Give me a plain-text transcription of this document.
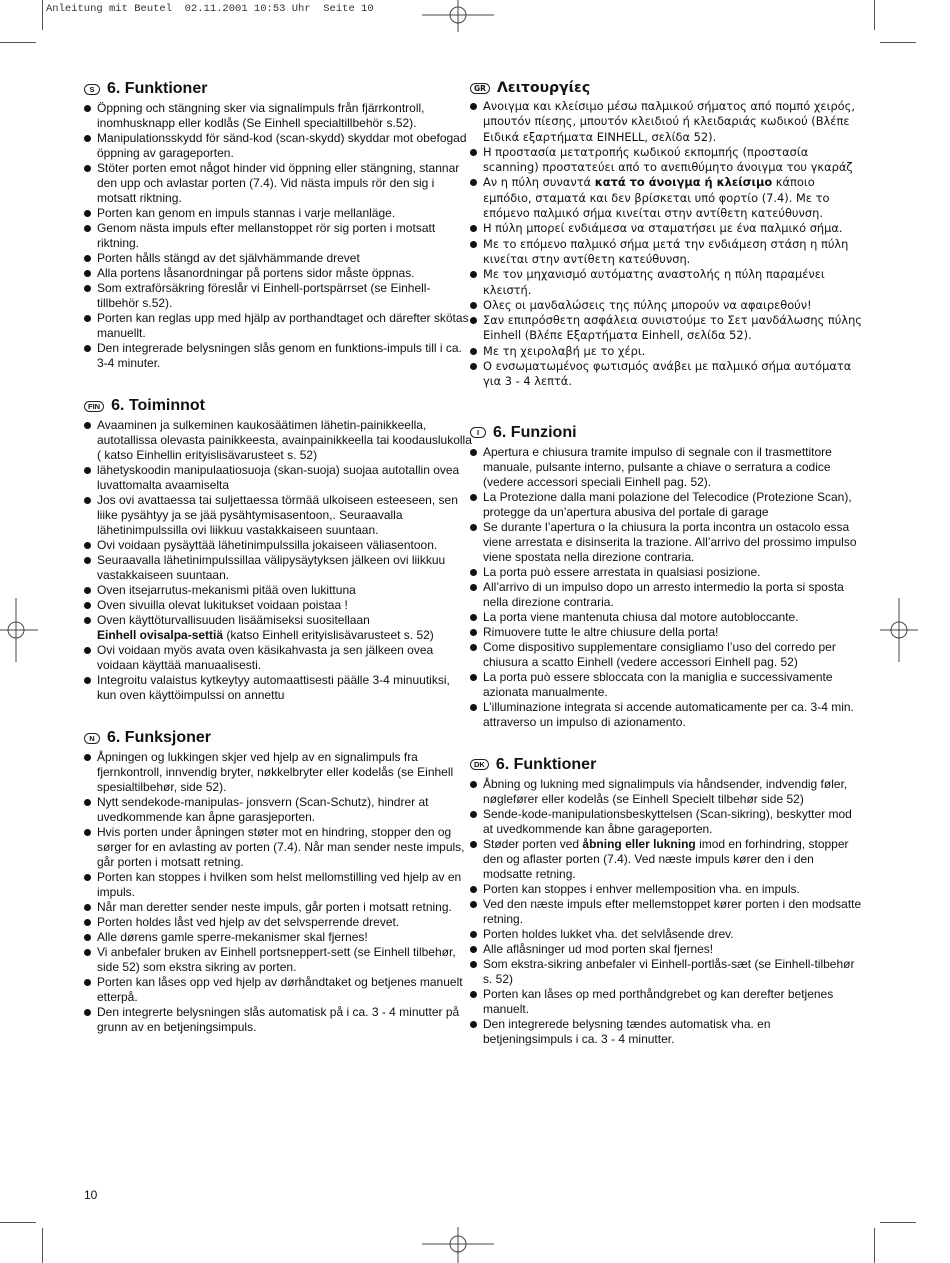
Anleitung mit Beutel  02.11.2001 10:53 Uhr  Seite 10
S 6. Funktioner
Öppning och stängning sker via signalimpuls från fjärrkontroll, inomhusknapp eller kodlås (Se Einhell specialtillbehör s.52).
Manipulationsskydd för sänd-kod (scan-skydd) skyddar mot obefogad öppning av garageporten.
Stöter porten emot något hinder vid öppning eller stängning, stannar den upp och avlastar porten (7.4). Vid nästa impuls rör den sig i motsatt riktning.
Porten kan genom en impuls stannas i varje mellanläge.
Genom nästa impuls efter mellanstoppet rör sig porten i motsatt riktning.
Porten hålls stängd av det självhämmande drevet
Alla portens låsanordningar på portens sidor måste öppnas.
Som extraförsäkring föreslår vi Einhell-portspärrset (se Einhell-tillbehör s.52).
Porten kan reglas upp med hjälp av porthandtaget och därefter skötas manuellt.
Den integrerade belysningen slås genom en funktions-impuls till i ca. 3-4 minuter.
FIN 6. Toiminnot
Avaaminen ja sulkeminen kaukosäätimen lähetin-painikkeella, autotallissa olevasta painikkeesta, avainpainikkeella tai koodauslukolla ( katso Einhellin erityislisävarusteet s. 52)
lähetyskoodin manipulaatiosuoja (skan-suoja) suojaa autotallin ovea luvattomalta avaamiselta
Jos ovi avattaessa tai suljettaessa törmää ulkoiseen esteeseen, sen liike pysähtyy ja se jää pysähtymisasentoon,. Seuraavalla lähetinimpulssilla ovi liikkuu vastakkaiseen suuntaan.
Ovi voidaan pysäyttää lähetinimpulssilla jokaiseen väliasentoon.
Seuraavalla lähetinimpulssillaa välipysäytyksen jälkeen ovi liikkuu vastakkaiseen suuntaan.
Oven itsejarrutus-mekanismi pitää oven lukittuna
Oven sivuilla olevat lukitukset voidaan poistaa !
Oven käyttöturvallisuuden lisäämiseksi suositellaan
Einhell ovisalpa-settiä (katso Einhell erityislisävarusteet s. 52)
Ovi voidaan myös avata oven käsikahvasta ja sen jälkeen ovea voidaan käyttää manuaalisesti.
Integroitu valaistus kytkeytyy automaattisesti päälle 3-4 minuutiksi, kun oven käyttöimpulssi on annettu
N 6. Funksjoner
Åpningen og lukkingen skjer ved hjelp av en signalimpuls fra fjernkontroll, innvendig bryter, nøkkelbryter eller kodelås (se Einhell spesialtilbehør, side 52).
Nytt sendekode-manipulas- jonsvern (Scan-Schutz), hindrer at uvedkommende kan åpne garasjeporten.
Hvis porten under åpningen støter mot en hindring, stopper den og sørger for en avlasting av porten (7.4). Når man sender neste impuls, går porten i motsatt retning.
Porten kan stoppes i hvilken som helst mellomstilling ved hjelp av en impuls.
Når man deretter sender neste impuls, går porten i motsatt retning.
Porten holdes låst ved hjelp av det selvsperrende drevet.
Alle dørens gamle sperre-mekanismer skal fjernes!
Vi anbefaler bruken av Einhell portsneppert-sett (se Einhell tilbehør, side 52) som ekstra sikring av porten.
Porten kan låses opp ved hjelp av dørhåndtaket og betjenes manuelt etterpå.
Den integrerte belysningen slås automatisk på i ca. 3 - 4 minutter på grunn av en betjeningsimpuls.
GR Λειτουργίες
Ανοιγμα και κλείσιμο μέσω παλμικού σήματος από πομπό χειρός, μπουτόν πίεσης, μπουτόν κλειδιού ή κλειδαριάς κωδικού (Βλέπε Ειδικά εξαρτήματα EINHELL, σελίδα 52).
Η προστασία μετατροπής κωδικού εκπομπής (προστασία scanning) προστατεύει από το ανεπιθύμητο άνοιγμα του γκαράζ
Αν η πύλη συναντά κατά το άνοιγμα ή κλείσιμο κάποιο εμπόδιο, σταματά και δεν βρίσκεται υπό φορτίο (7.4). Με το επόμενο παλμικό σήμα κινείται στην αντίθετη κατεύθυνση.
Η πύλη μπορεί ενδιάμεσα να σταματήσει με ένα παλμικό σήμα.
Με το επόμενο παλμικό σήμα μετά την ενδιάμεση στάση η πύλη κινείται στην αντίθετη κατεύθυνση.
Με τον μηχανισμό αυτόματης αναστολής η πύλη παραμένει κλειστή.
Ολες οι μανδαλώσεις της πύλης μπορούν να αφαιρεθούν!
Σαν επιπρόσθετη ασφάλεια συνιστούμε το Σετ μανδάλωσης πύλης Einhell (Βλέπε Εξαρτήματα Einhell, σελίδα 52).
Με τη χειρολαβή με το χέρι.
Ο ενσωματωμένος φωτισμός ανάβει με παλμικό σήμα αυτόματα για 3 - 4 λεπτά.
I 6. Funzioni
Apertura e chiusura tramite impulso di segnale con il trasmettitore manuale, pulsante interno, pulsante a chiave o serratura a codice (vedere accessori speciali Einhell pag. 52).
La Protezione dalla mani polazione del Telecodice (Protezione Scan), protegge da un’apertura abusiva del portale di garage
Se durante l’apertura o la chiusura la porta incontra un ostacolo essa viene arrestata e disinserita la trazione. All’arrivo del prossimo impulso viene spostata nella direzione contraria.
La porta può essere arrestata in qualsiasi posizione.
All’arrivo di un impulso dopo un arresto intermedio la porta si sposta nella direzione contraria.
La porta viene mantenuta chiusa dal motore autobloccante.
Rimuovere tutte le altre chiusure della porta!
Come dispositivo supplementare consigliamo l’uso del corredo per chiusura a scatto Einhell (vedere accessori Einhell pag. 52)
La porta può essere sbloccata con la maniglia e successivamente azionata manualmente.
L’illuminazione integrata si accende automaticamente per ca. 3-4 min. attraverso un impulso di azionamento.
DK 6. Funktioner
Åbning og lukning med signalimpuls via håndsender, indvendig føler, nøglefører eller kodelås (se Einhell Specielt tilbehør side 52)
Sende-kode-manipulationsbeskyttelsen (Scan-sikring), beskytter mod at uvedkommende kan åbne garageporten.
Støder porten ved åbning eller lukning imod en forhindring, stopper den og aflaster porten (7.4). Ved næste impuls kører den i den modsatte retning.
Porten kan stoppes i enhver mellemposition vha. en impuls.
Ved den næste impuls efter mellemstoppet kører porten i den modsatte retning.
Porten holdes lukket vha. det selvlåsende drev.
Alle aflåsninger ud mod porten skal fjernes!
Som ekstra-sikring anbefaler vi Einhell-portlås-sæt (se Einhell-tilbehør s. 52)
Porten kan låses op med porthåndgrebet og kan derefter betjenes manuelt.
Den integrerede belysning tændes automatisk vha. en betjeningsimpuls i ca. 3 - 4 minutter.
10
